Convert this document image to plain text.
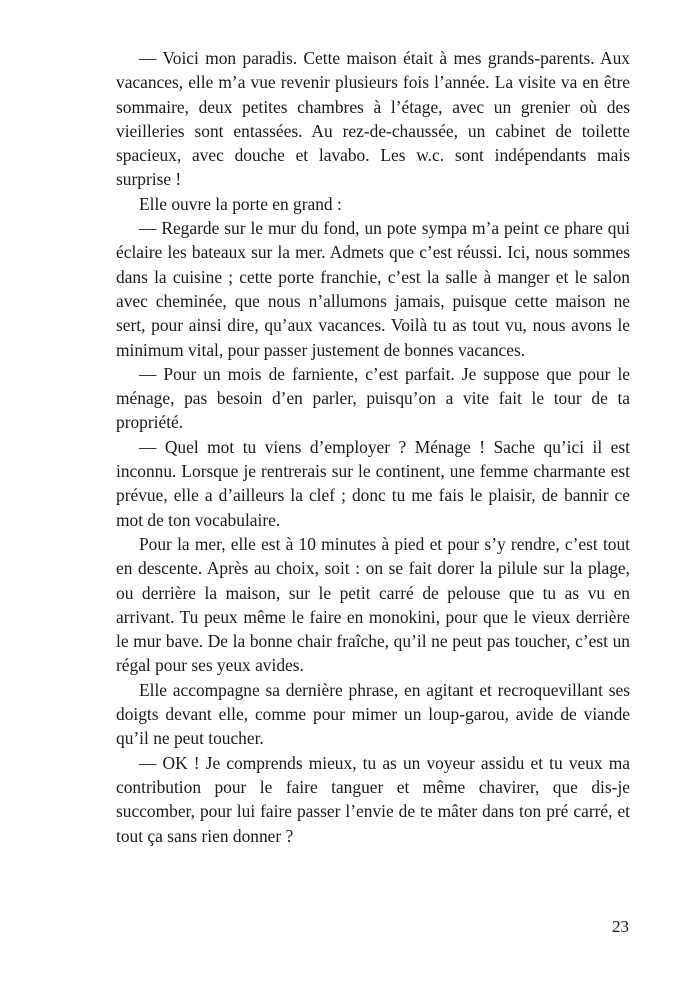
— Voici mon paradis. Cette maison était à mes grands-parents. Aux vacances, elle m’a vue revenir plusieurs fois l’année. La visite va en être sommaire, deux petites chambres à l’étage, avec un grenier où des vieilleries sont entassées. Au rez-de-chaussée, un cabinet de toilette spacieux, avec douche et lavabo. Les w.c. sont indépendants mais surprise !

Elle ouvre la porte en grand :

— Regarde sur le mur du fond, un pote sympa m’a peint ce phare qui éclaire les bateaux sur la mer. Admets que c’est réussi. Ici, nous sommes dans la cuisine ; cette porte franchie, c’est la salle à manger et le salon avec cheminée, que nous n’allumons jamais, puisque cette maison ne sert, pour ainsi dire, qu’aux vacances. Voilà tu as tout vu, nous avons le minimum vital, pour passer justement de bonnes vacances.

— Pour un mois de farniente, c’est parfait. Je suppose que pour le ménage, pas besoin d’en parler, puisqu’on a vite fait le tour de ta propriété.

— Quel mot tu viens d’employer ? Ménage ! Sache qu’ici il est inconnu. Lorsque je rentrerais sur le continent, une femme charmante est prévue, elle a d’ailleurs la clef ; donc tu me fais le plaisir, de bannir ce mot de ton vocabulaire.

Pour la mer, elle est à 10 minutes à pied et pour s’y rendre, c’est tout en descente. Après au choix, soit : on se fait dorer la pilule sur la plage, ou derrière la maison, sur le petit carré de pelouse que tu as vu en arrivant. Tu peux même le faire en monokini, pour que le vieux derrière le mur bave. De la bonne chair fraîche, qu’il ne peut pas toucher, c’est un régal pour ses yeux avides.

Elle accompagne sa dernière phrase, en agitant et recroquevillant ses doigts devant elle, comme pour mimer un loup-garou, avide de viande qu’il ne peut toucher.

— OK ! Je comprends mieux, tu as un voyeur assidu et tu veux ma contribution pour le faire tanguer et même chavirer, que dis-je succomber, pour lui faire passer l’envie de te mâter dans ton pré carré, et tout ça sans rien donner ?

23
